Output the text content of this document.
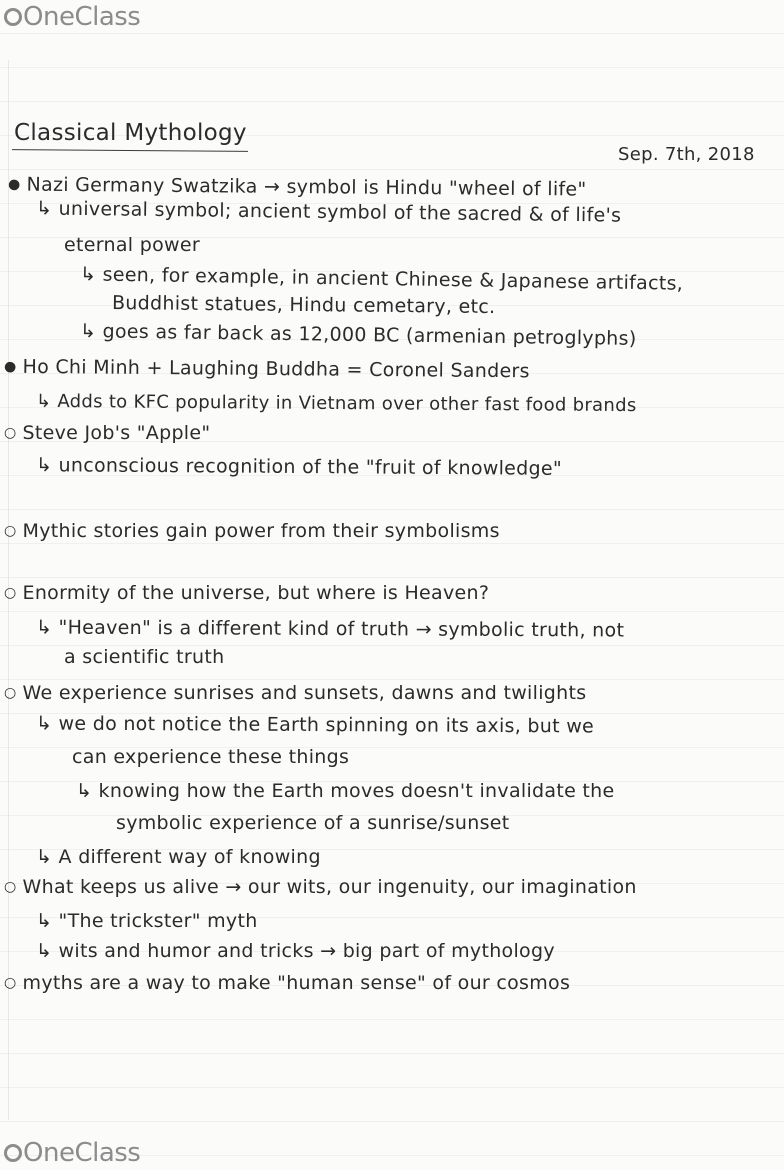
OneClass
Classical Mythology
Sep. 7th, 2018
● Nazi Germany Swatzika → symbol is Hindu "wheel of life"
↳ universal symbol; ancient symbol of the sacred & of life's
eternal power
↳ seen, for example, in ancient Chinese & Japanese artifacts,
Buddhist statues, Hindu cemetary, etc.
↳ goes as far back as 12,000 BC (armenian petroglyphs)
● Ho Chi Minh + Laughing Buddha = Coronel Sanders
↳ Adds to KFC popularity in Vietnam over other fast food brands
○ Steve Job's "Apple"
↳ unconscious recognition of the "fruit of knowledge"
○ Mythic stories gain power from their symbolisms
○ Enormity of the universe, but where is Heaven?
↳ "Heaven" is a different kind of truth → symbolic truth, not
a scientific truth
○ We experience sunrises and sunsets, dawns and twilights
↳ we do not notice the Earth spinning on its axis, but we
can experience these things
↳ knowing how the Earth moves doesn't invalidate the
symbolic experience of a sunrise/sunset
↳ A different way of knowing
○ What keeps us alive → our wits, our ingenuity, our imagination
↳ "The trickster" myth
↳ wits and humor and tricks → big part of mythology
○ myths are a way to make "human sense" of our cosmos
OneClass
